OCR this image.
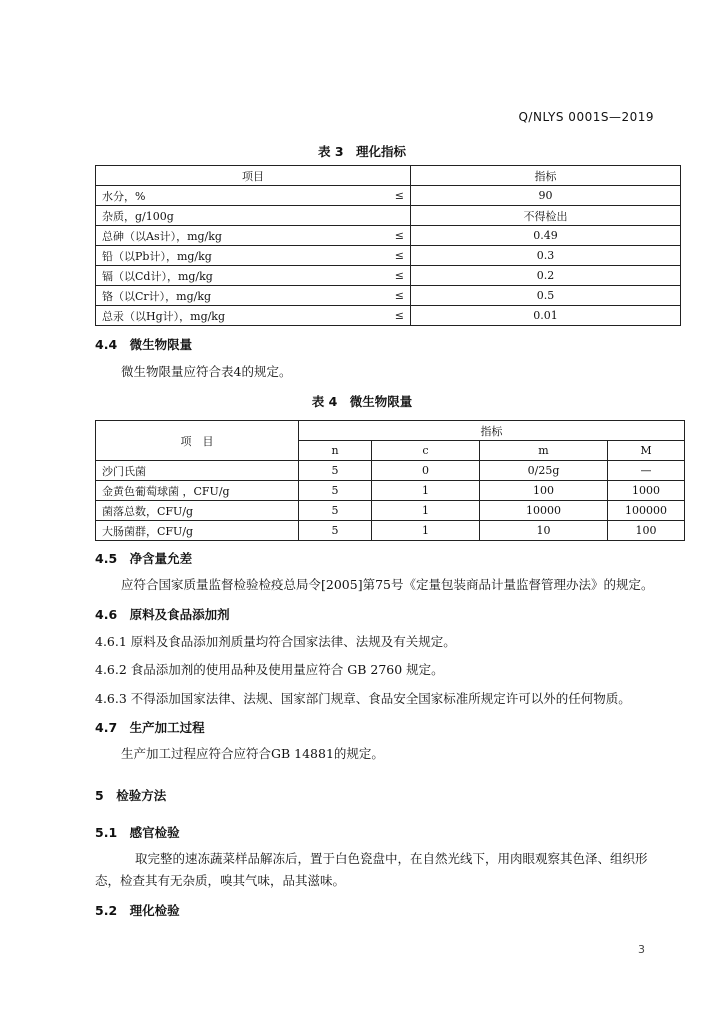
Q/NLYS 0001S—2019
表 3　理化指标
项目		指标
水分，%	≤	90
杂质，g/100g		不得检出
总砷（以As计），mg/kg	≤	0.49
铅（以Pb计），mg/kg	≤	0.3
镉（以Cd计），mg/kg	≤	0.2
铬（以Cr计），mg/kg	≤	0.5
总汞（以Hg计），mg/kg	≤	0.01
4.4　微生物限量
微生物限量应符合表4的规定。
表 4　微生物限量
项　目	指标			
	n	c	m	M
沙门氏菌	5	0	0/25g	—
金黄色葡萄球菌 ，CFU/g	5	1	100	1000
菌落总数，CFU/g	5	1	10000	100000
大肠菌群，CFU/g	5	1	10	100
4.5　净含量允差
应符合国家质量监督检验检疫总局令[2005]第75号《定量包装商品计量监督管理办法》的规定。
4.6　原料及食品添加剂
4.6.1 原料及食品添加剂质量均符合国家法律、法规及有关规定。
4.6.2 食品添加剂的使用品种及使用量应符合 GB 2760 规定。
4.6.3 不得添加国家法律、法规、国家部门规章、食品安全国家标准所规定许可以外的任何物质。
4.7　生产加工过程
生产加工过程应符合应符合GB 14881的规定。
5　检验方法
5.1　感官检验
取完整的速冻蔬菜样品解冻后，置于白色瓷盘中，在自然光线下，用肉眼观察其色泽、组织形
态，检查其有无杂质，嗅其气味，品其滋味。
5.2　理化检验
3
